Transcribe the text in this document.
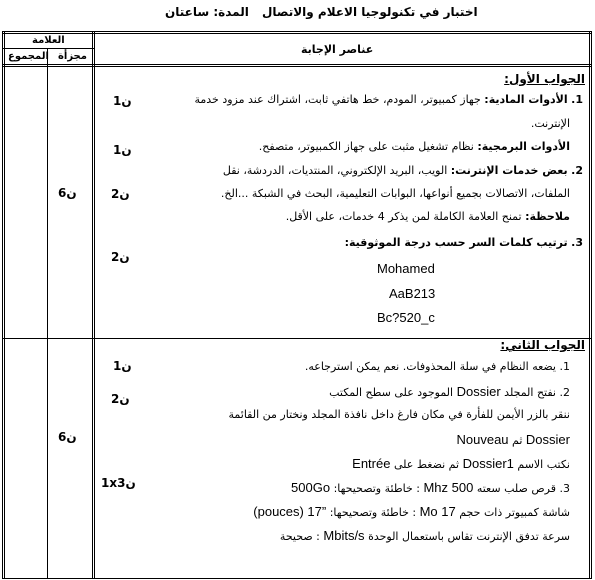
اختبار في تكنولوجيا الاعلام والاتصال
المدة: ساعتان
العلامة
المجموع مجزأة
عناصر الإجابة
1ن
1ن
2ن
2ن
6ن
1ن
2ن
1x3ن
6ن
الجواب الأول:
1. الأدوات المادية: جهاز كمبيوتر، المودم، خط هاتفي ثابت، اشتراك عند مزود خدمة
الإنترنت.
الأدوات البرمجية: نظام تشغيل مثبت على جهاز الكمبيوتر، متصفح.
2. بعض خدمات الإنترنت: الويب، البريد الإلكتروني، المنتديات، الدردشة، نقل
الملفات، الاتصالات بجميع أنواعها، البوابات التعليمية، البحث في الشبكة ...الخ.
ملاحظة: تمنح العلامة الكاملة لمن يذكر 4 خدمات، على الأقل.
3. ترتيب كلمات السر حسب درجة الموثوقية:
Mohamed
AaB213
Bc?520_c
الجواب الثاني:
1. يضعه النظام في سلة المحذوفات. نعم يمكن استرجاعه.
2. نفتح المجلد Dossier الموجود على سطح المكتب
ننقر بالزر الأيمن للفأرة في مكان فارغ داخل نافذة المجلد ونختار من القائمة
Dossier ثم Nouveau
نكتب الاسم Dossier1 ثم نضغط على Entrée
3. قرص صلب سعته 500 Mhz : خاطئة وتصحيحها: 500Go
شاشة كمبيوتر ذات حجم 17 Mo : خاطئة وتصحيحها: ”17 (pouces)
سرعة تدفق الإنترنت تقاس باستعمال الوحدة Mbits/s : صحيحة
